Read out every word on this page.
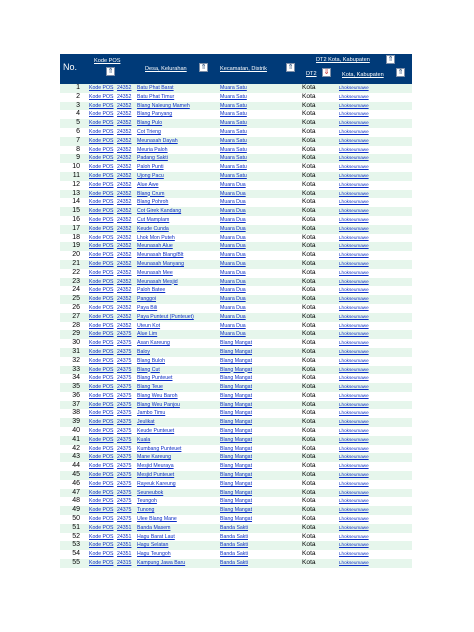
No.
Kode POS
⇑	Desa, Kelurahan ⇑ Kecamatan, Distrik	⇑
DT2 Kota, Kabupaten	⇑
DT2 ⇓ Kota, Kabupaten ⇑
1 Kode POS 24352 Batu Phat Barat	Muara Satu	Kota	Lhokseumawe
2 Kode POS 24352 Batu Phat Timur	Muara Satu	Kota	Lhokseumawe
3 Kode POS 24352 Blang Naleung Mameh	Muara Satu	Kota	Lhokseumawe
4 Kode POS 24352 Blang Panyang	Muara Satu	Kota	Lhokseumawe
5 Kode POS 24352 Blang Pulo	Muara Satu	Kota	Lhokseumawe
6 Kode POS 24352 Cot Trieng	Muara Satu	Kota	Lhokseumawe
7 Kode POS 24352 Meunasah Dayah	Muara Satu	Kota	Lhokseumawe
8 Kode POS 24352 Meuria Paloh	Muara Satu	Kota	Lhokseumawe
9 Kode POS 24352 Padang Sakti	Muara Satu	Kota	Lhokseumawe
10 Kode POS 24352 Paloh Punti	Muara Satu	Kota	Lhokseumawe
11 Kode POS 24352 Ujong Pacu	Muara Satu	Kota	Lhokseumawe
12 Kode POS 24352 Alue Awe	Muara Dua	Kota	Lhokseumawe
13 Kode POS 24352 Blang Crum	Muara Dua	Kota	Lhokseumawe
14 Kode POS 24352 Blang Pohroh	Muara Dua	Kota	Lhokseumawe
15 Kode POS 24352 Cot Girek Kandang	Muara Dua	Kota	Lhokseumawe
16 Kode POS 24352 Cut Mamplam	Muara Dua	Kota	Lhokseumawe
17 Kode POS 24352 Keude Cunda	Muara Dua	Kota	Lhokseumawe
18 Kode POS 24352 Lhok Mon Puteh	Muara Dua	Kota	Lhokseumawe
19 Kode POS 24352 Meunasah Alue	Muara Dua	Kota	Lhokseumawe
20 Kode POS 24352 Meunasah Blang/Blt	Muara Dua	Kota	Lhokseumawe
21 Kode POS 24352 Meunasah Manyang	Muara Dua	Kota	Lhokseumawe
22 Kode POS 24352 Meunasah Mee	Muara Dua	Kota	Lhokseumawe
23 Kode POS 24352 Meunasah Mesjid	Muara Dua	Kota	Lhokseumawe
24 Kode POS 24352 Paloh Batee	Muara Dua	Kota	Lhokseumawe
25 Kode POS 24352 Panggoi	Muara Dua	Kota	Lhokseumawe
26 Kode POS 24352 Paya Bili	Muara Dua	Kota	Lhokseumawe
27 Kode POS 24352 Paya Punteut (Punteuet)	Muara Dua	Kota	Lhokseumawe
28 Kode POS 24352 Uteun Kot	Muara Dua	Kota	Lhokseumawe
29 Kode POS 24375 Alue Lim	Muara Dua	Kota	Lhokseumawe
30 Kode POS 24375 Asan Kareung	Blang Mangat	Kota	Lhokseumawe
31 Kode POS 24375 Baloy	Blang Mangat	Kota	Lhokseumawe
32 Kode POS 24375 Blang Buloh	Blang Mangat	Kota	Lhokseumawe
33 Kode POS 24375 Blang Cut	Blang Mangat	Kota	Lhokseumawe
34 Kode POS 24375 Blang Punteuet	Blang Mangat	Kota	Lhokseumawe
35 Kode POS 24375 Blang Teue	Blang Mangat	Kota	Lhokseumawe
36 Kode POS 24375 Blang Weu Baroh	Blang Mangat	Kota	Lhokseumawe
37 Kode POS 24375 Blang Weu Panjou	Blang Mangat	Kota	Lhokseumawe
38 Kode POS 24375 Jambo Timu	Blang Mangat	Kota	Lhokseumawe
39 Kode POS 24375 Jeulikat	Blang Mangat	Kota	Lhokseumawe
40 Kode POS 24375 Keude Punteuet	Blang Mangat	Kota	Lhokseumawe
41 Kode POS 24375 Kuala	Blang Mangat	Kota	Lhokseumawe
42 Kode POS 24375 Kumbang Punteuet	Blang Mangat	Kota	Lhokseumawe
43 Kode POS 24375 Mane Kareung	Blang Mangat	Kota	Lhokseumawe
44 Kode POS 24375 Mesjid Meuraya	Blang Mangat	Kota	Lhokseumawe
45 Kode POS 24375 Mesjid Punteuet	Blang Mangat	Kota	Lhokseumawe
46 Kode POS 24375 Rayeuk Kareung	Blang Mangat	Kota	Lhokseumawe
47 Kode POS 24375 Seuneubok	Blang Mangat	Kota	Lhokseumawe
48 Kode POS 24375 Teungoh	Blang Mangat	Kota	Lhokseumawe
49 Kode POS 24375 Tunong	Blang Mangat	Kota	Lhokseumawe
50 Kode POS 24375 Ulee Blang Mane	Blang Mangat	Kota	Lhokseumawe
51 Kode POS 24351 Banda Masem	Banda Sakti	Kota	Lhokseumawe
52 Kode POS 24351 Hagu Barat Laut	Banda Sakti	Kota	Lhokseumawe
53 Kode POS 24351 Hagu Selatan	Banda Sakti	Kota	Lhokseumawe
54 Kode POS 24351 Hagu Teungoh	Banda Sakti	Kota	Lhokseumawe
55 Kode POS 24315 Kampung Jawa Baru	Banda Sakti	Kota	Lhokseumawe
